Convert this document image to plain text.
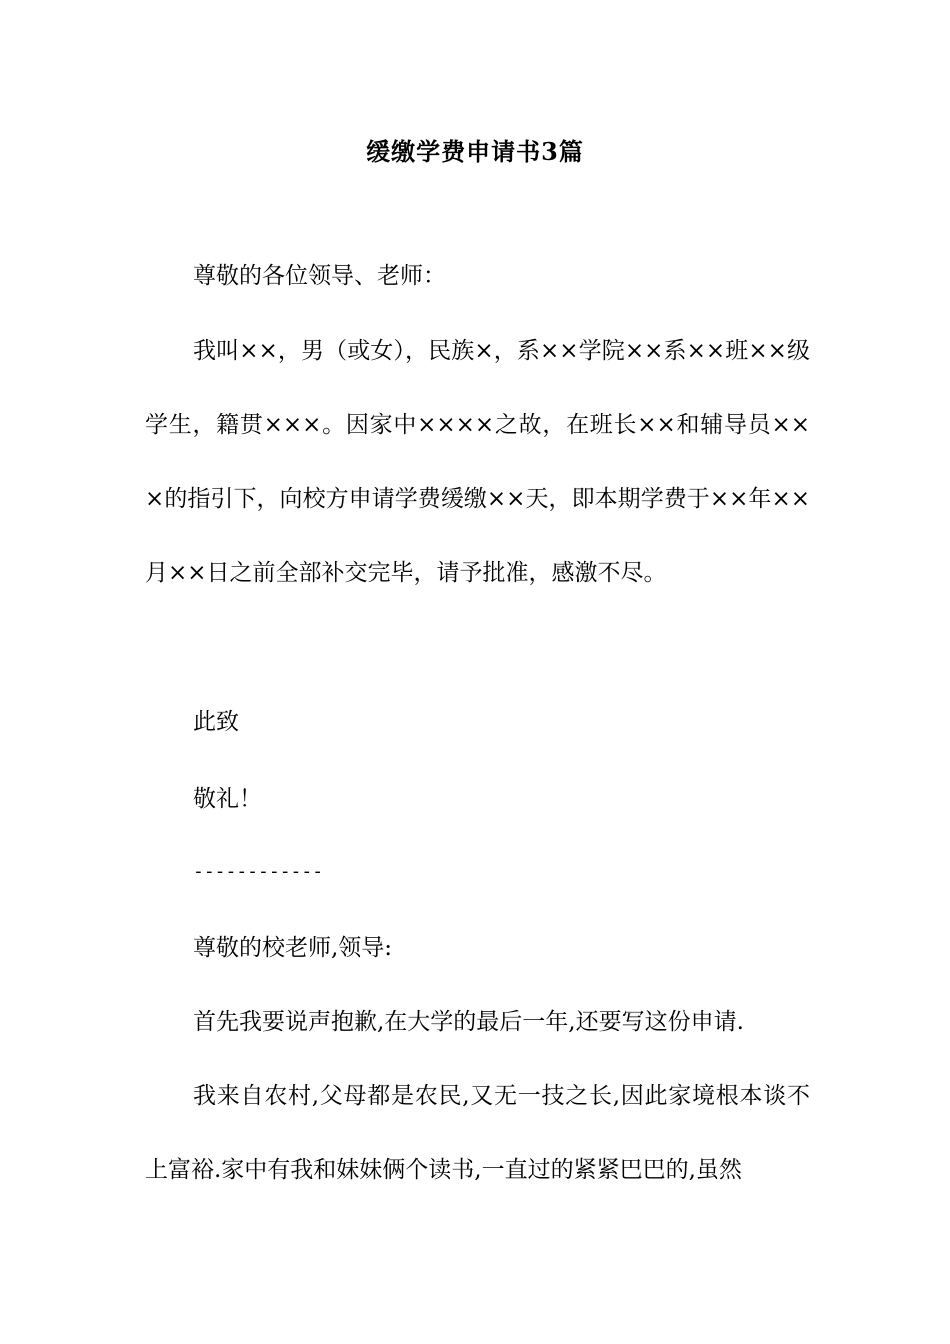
缓缴学费申请书3篇
尊敬的各位领导、老师：
我叫××，男（或女），民族×，系××学院××系××班××级学生，籍贯×××。因家中××××之故，在班长××和辅导员×××的指引下，向校方申请学费缓缴××天，即本期学费于××年××月××日之前全部补交完毕，请予批准，感激不尽。
此致
敬礼！
尊敬的校老师,领导:
首先我要说声抱歉,在大学的最后一年,还要写这份申请.
我来自农村,父母都是农民,又无一技之长,因此家境根本谈不上富裕.家中有我和妹妹俩个读书,一直过的紧紧巴巴的,虽然
------------
